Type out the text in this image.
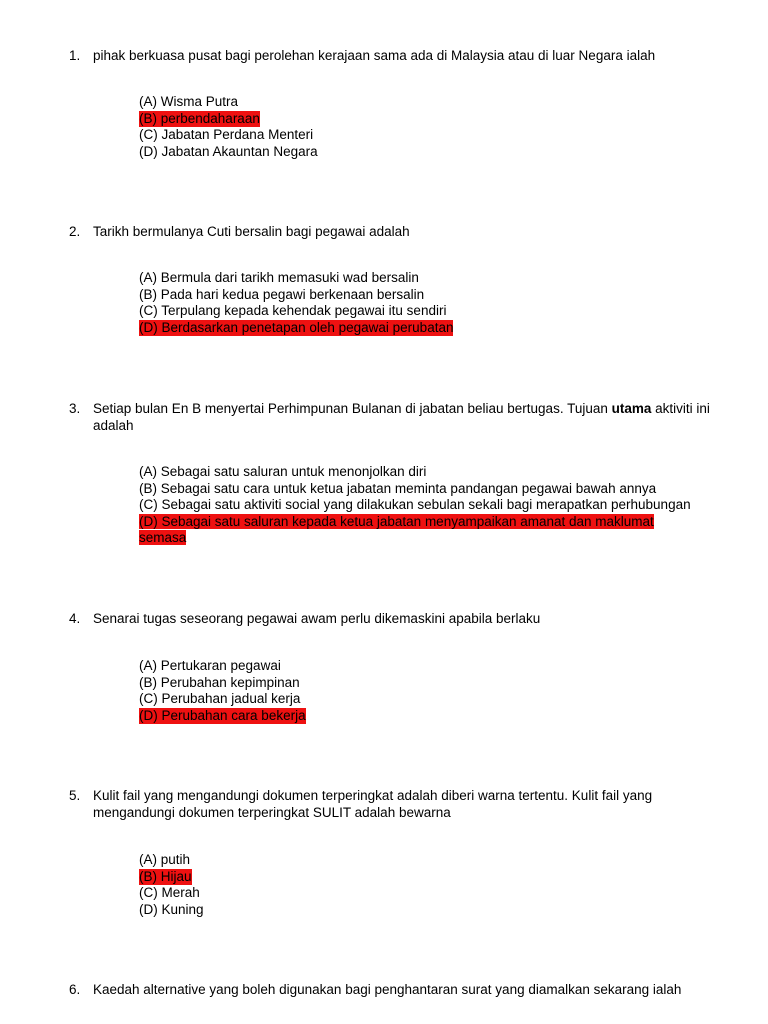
1. pihak berkuasa pusat bagi perolehan kerajaan sama ada di Malaysia atau di luar Negara ialah
(A) Wisma Putra
(B) perbendaharaan
(C) Jabatan Perdana Menteri
(D) Jabatan Akauntan Negara
2. Tarikh bermulanya Cuti bersalin bagi pegawai adalah
(A) Bermula dari tarikh memasuki wad bersalin
(B) Pada hari kedua pegawi berkenaan bersalin
(C) Terpulang kepada kehendak pegawai itu sendiri
(D) Berdasarkan penetapan oleh pegawai perubatan
3. Setiap bulan En B menyertai Perhimpunan Bulanan di jabatan beliau bertugas. Tujuan utama aktiviti ini adalah
(A) Sebagai satu saluran untuk menonjolkan diri
(B) Sebagai satu cara untuk ketua jabatan meminta pandangan pegawai bawah annya
(C) Sebagai satu aktiviti social yang dilakukan sebulan sekali bagi merapatkan perhubungan
(D) Sebagai satu saluran kepada ketua jabatan menyampaikan amanat dan maklumat semasa
4. Senarai tugas seseorang pegawai awam perlu dikemaskini apabila berlaku
(A) Pertukaran pegawai
(B) Perubahan kepimpinan
(C) Perubahan jadual kerja
(D) Perubahan cara bekerja
5. Kulit fail yang mengandungi dokumen terperingkat adalah diberi warna tertentu. Kulit fail yang mengandungi dokumen terperingkat SULIT adalah bewarna
(A) putih
(B) Hijau
(C) Merah
(D) Kuning
6. Kaedah alternative yang boleh digunakan bagi penghantaran surat yang diamalkan sekarang ialah
